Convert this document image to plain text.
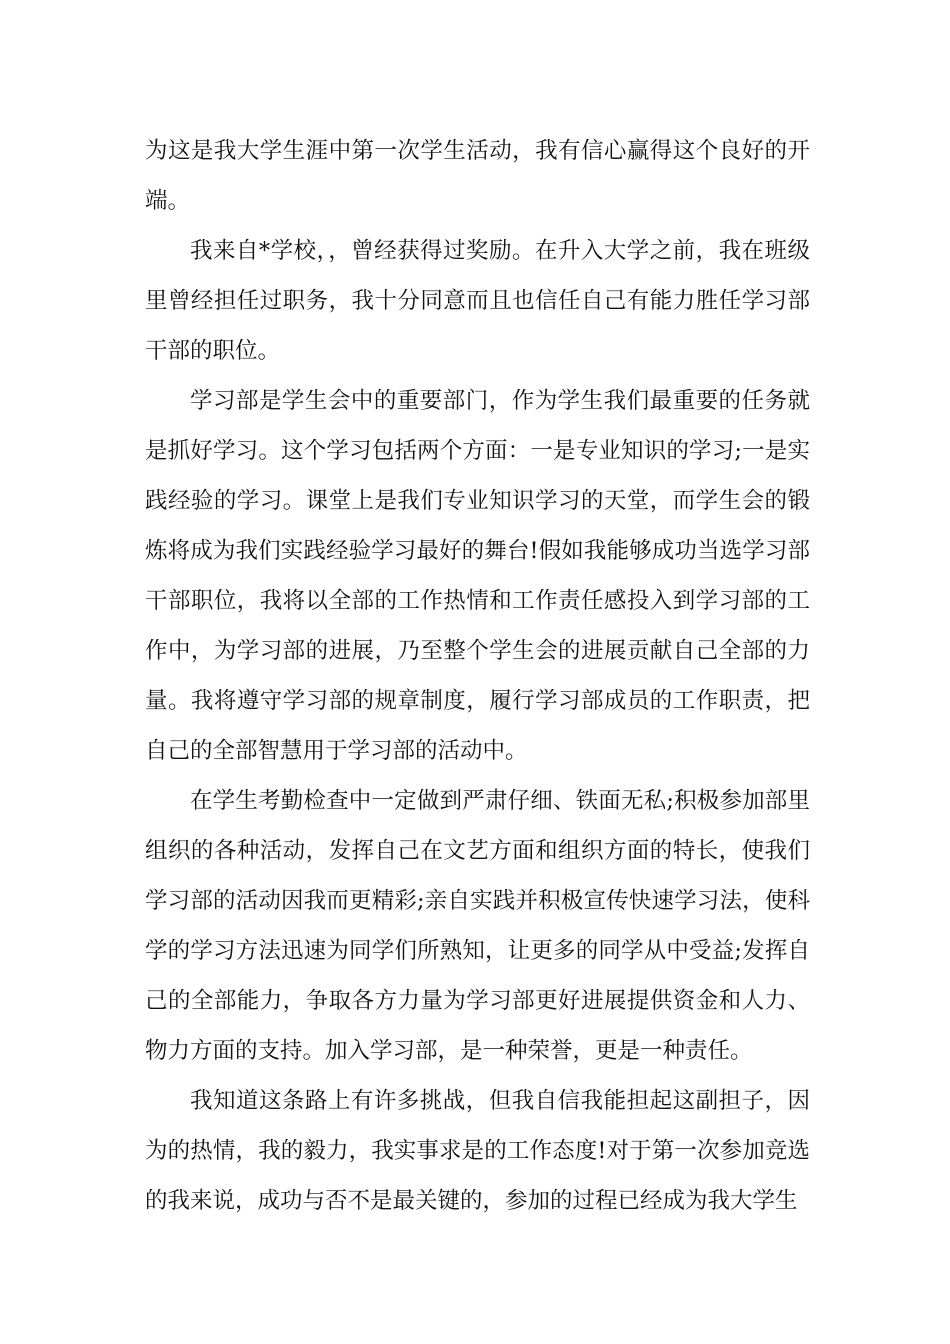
为这是我大学生涯中第一次学生活动，我有信心赢得这个良好的开端。

我来自*学校，，曾经获得过奖励。在升入大学之前，我在班级里曾经担任过职务，我十分同意而且也信任自己有能力胜任学习部干部的职位。

学习部是学生会中的重要部门，作为学生我们最重要的任务就是抓好学习。这个学习包括两个方面：一是专业知识的学习;一是实践经验的学习。课堂上是我们专业知识学习的天堂，而学生会的锻炼将成为我们实践经验学习最好的舞台!假如我能够成功当选学习部干部职位，我将以全部的工作热情和工作责任感投入到学习部的工作中，为学习部的进展，乃至整个学生会的进展贡献自己全部的力量。我将遵守学习部的规章制度，履行学习部成员的工作职责，把自己的全部智慧用于学习部的活动中。

在学生考勤检查中一定做到严肃仔细、铁面无私;积极参加部里组织的各种活动，发挥自己在文艺方面和组织方面的特长，使我们学习部的活动因我而更精彩;亲自实践并积极宣传快速学习法，使科学的学习方法迅速为同学们所熟知，让更多的同学从中受益;发挥自己的全部能力，争取各方力量为学习部更好进展提供资金和人力、物力方面的支持。加入学习部，是一种荣誉，更是一种责任。

我知道这条路上有许多挑战，但我自信我能担起这副担子，因为的热情，我的毅力，我实事求是的工作态度!对于第一次参加竞选的我来说，成功与否不是最关键的，参加的过程已经成为我大学生
